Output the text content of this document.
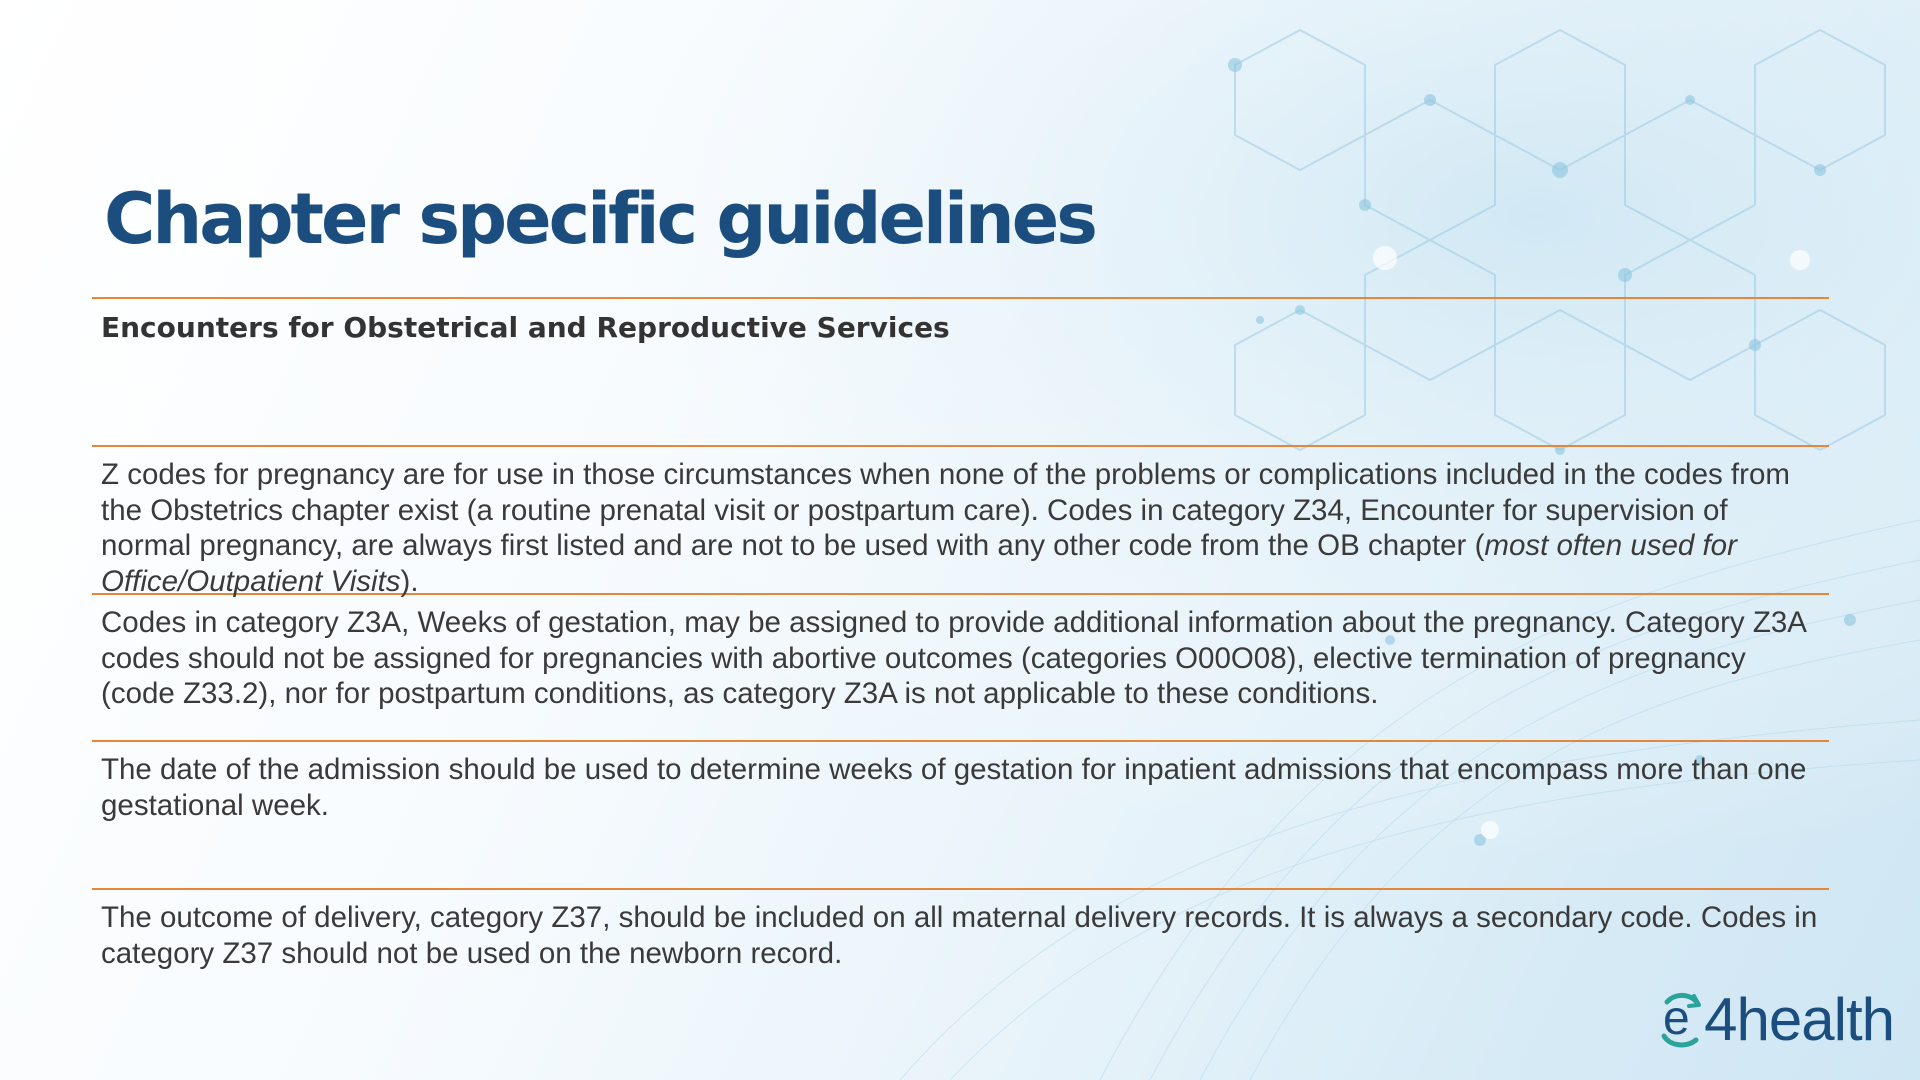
Chapter specific guidelines
Encounters for Obstetrical and Reproductive Services

Z codes for pregnancy are for use in those circumstances when none of the problems or complications included in the codes from the Obstetrics chapter exist (a routine prenatal visit or postpartum care). Codes in category Z34, Encounter for supervision of normal pregnancy, are always first listed and are not to be used with any other code from the OB chapter (most often used for Office/Outpatient Visits).

Codes in category Z3A, Weeks of gestation, may be assigned to provide additional information about the pregnancy. Category Z3A codes should not be assigned for pregnancies with abortive outcomes (categories O00O08), elective termination of pregnancy (code Z33.2), nor for postpartum conditions, as category Z3A is not applicable to these conditions.

The date of the admission should be used to determine weeks of gestation for inpatient admissions that encompass more than one gestational week.

The outcome of delivery, category Z37, should be included on all maternal delivery records. It is always a secondary code. Codes in category Z37 should not be used on the newborn record.

e 4health
